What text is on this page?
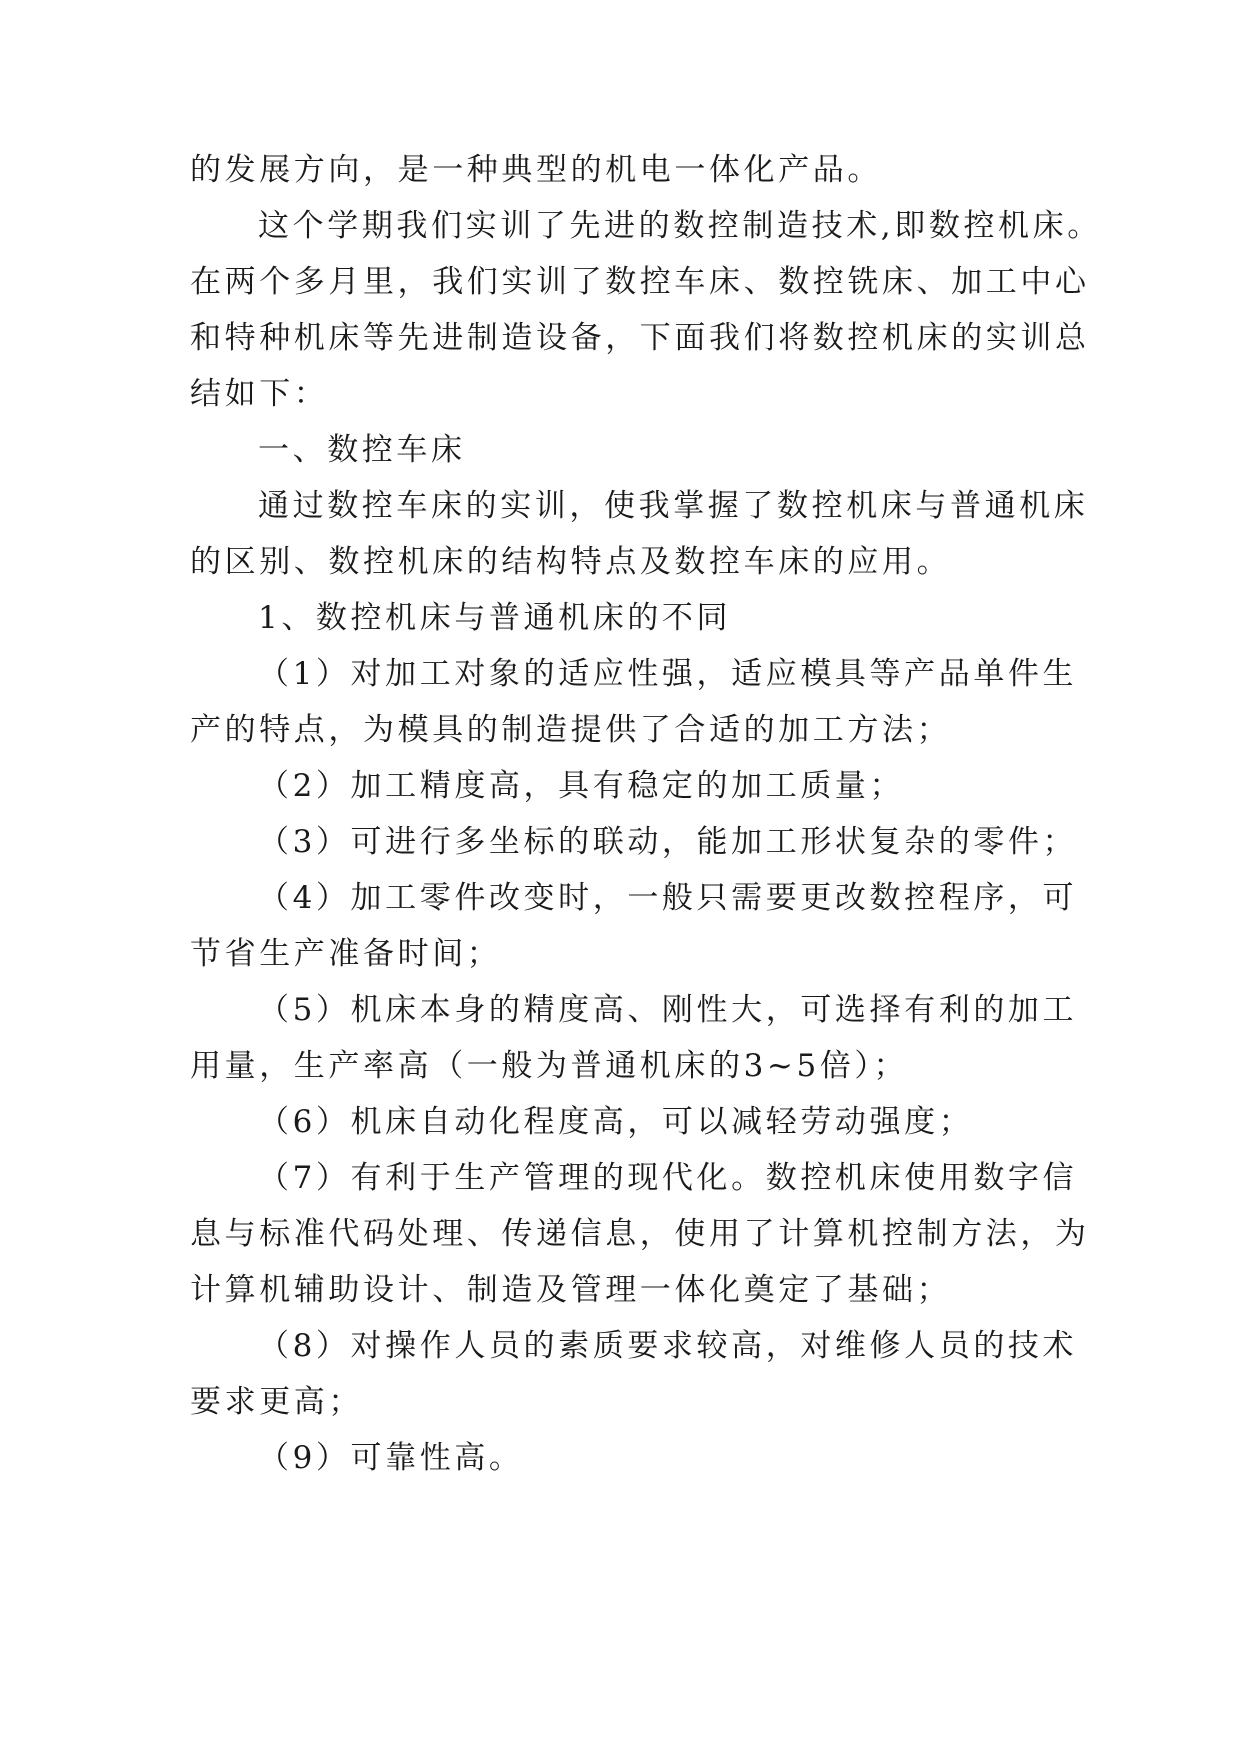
的发展方向，是一种典型的机电一体化产品。
这个学期我们实训了先进的数控制造技术,即数控机床。
在两个多月里，我们实训了数控车床、数控铣床、加工中心
和特种机床等先进制造设备，下面我们将数控机床的实训总
结如下：
一、数控车床
通过数控车床的实训，使我掌握了数控机床与普通机床
的区别、数控机床的结构特点及数控车床的应用。
1、数控机床与普通机床的不同
（1）对加工对象的适应性强，适应模具等产品单件生
产的特点，为模具的制造提供了合适的加工方法；
（2）加工精度高，具有稳定的加工质量；
（3）可进行多坐标的联动，能加工形状复杂的零件；
（4）加工零件改变时，一般只需要更改数控程序，可
节省生产准备时间；
（5）机床本身的精度高、刚性大，可选择有利的加工
用量，生产率高（一般为普通机床的3~5倍）；
（6）机床自动化程度高，可以减轻劳动强度；
（7）有利于生产管理的现代化。数控机床使用数字信
息与标准代码处理、传递信息，使用了计算机控制方法，为
计算机辅助设计、制造及管理一体化奠定了基础；
（8）对操作人员的素质要求较高，对维修人员的技术
要求更高；
（9）可靠性高。
